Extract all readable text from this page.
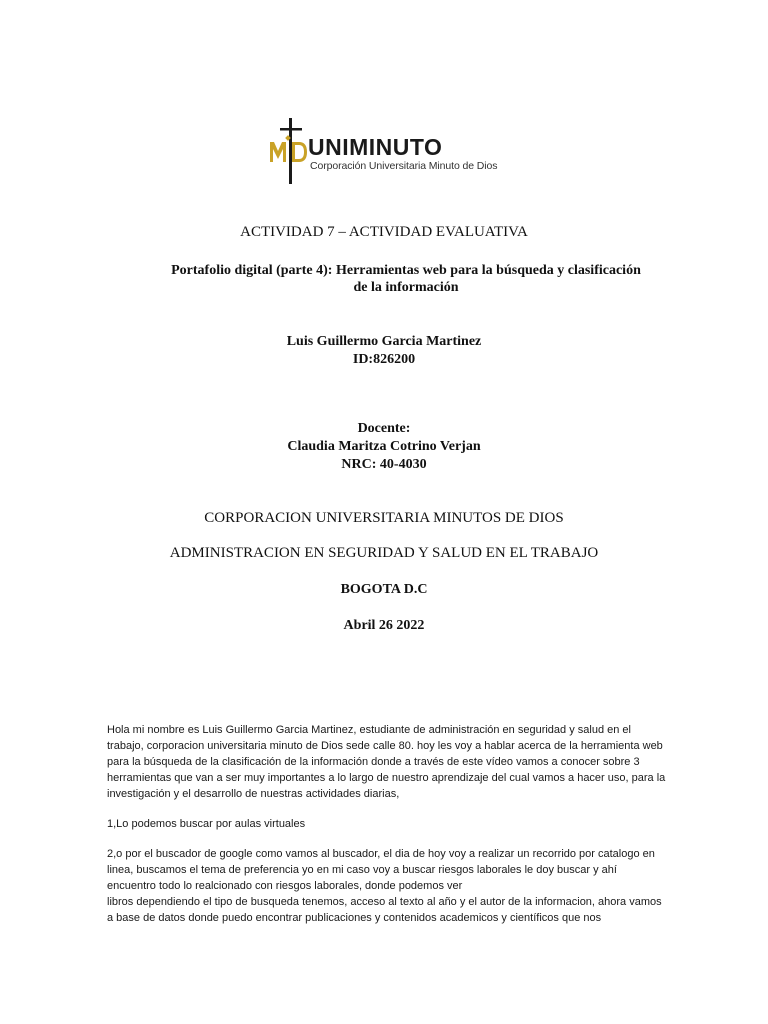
UNIMINUTO
Corporación Universitaria Minuto de Dios
ACTIVIDAD 7 – ACTIVIDAD EVALUATIVA
Portafolio digital (parte 4): Herramientas web para la búsqueda y clasificación
de la información
Luis Guillermo Garcia Martinez
ID:826200
Docente:
Claudia Maritza Cotrino Verjan
NRC: 40-4030
CORPORACION UNIVERSITARIA MINUTOS DE DIOS
ADMINISTRACION EN SEGURIDAD Y SALUD EN EL TRABAJO
BOGOTA D.C
Abril 26 2022

Hola mi nombre es Luis Guillermo Garcia Martinez, estudiante de administración en seguridad y salud en el trabajo, corporacion universitaria minuto de Dios sede calle 80. hoy les voy a hablar acerca de la herramienta web para la búsqueda de la clasificación de la información donde a través de este vídeo vamos a conocer sobre 3 herramientas que van a ser muy importantes a lo largo de nuestro aprendizaje del cual vamos a hacer uso, para la investigación y el desarrollo de nuestras actividades diarias,

1,Lo podemos buscar por aulas virtuales

2,o por el buscador de google como vamos al buscador, el dia de hoy voy a realizar un recorrido por catalogo en linea, buscamos el tema de preferencia yo en mi caso voy a buscar riesgos laborales le doy buscar y ahí encuentro todo lo realcionado con riesgos laborales, donde podemos ver
libros dependiendo el tipo de busqueda tenemos, acceso al texto al año y el autor de la informacion, ahora vamos a base de datos donde puedo encontrar publicaciones y contenidos academicos y científicos que nos
